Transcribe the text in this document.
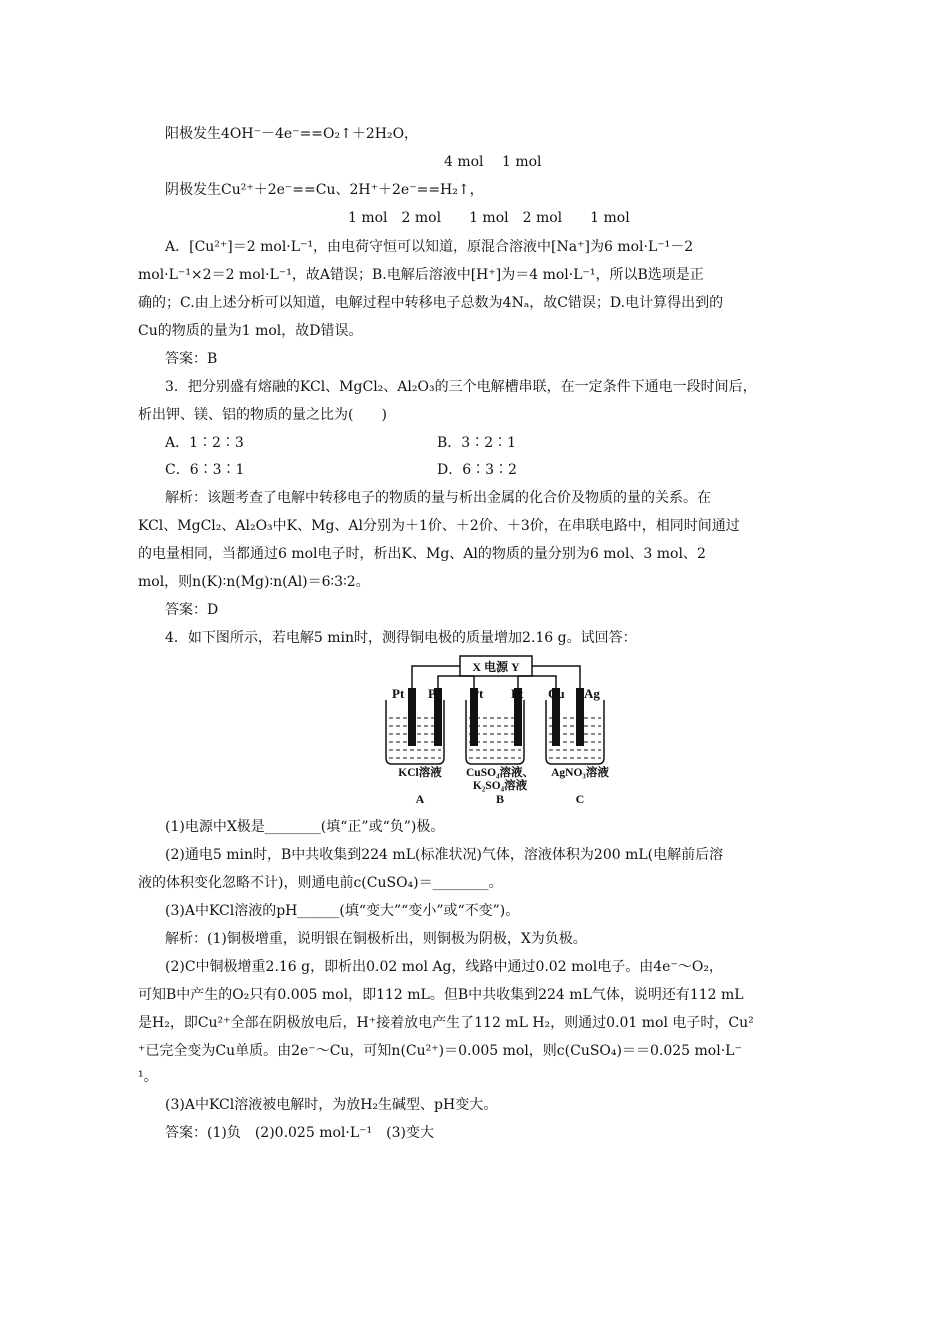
阳极发生4OH⁻－4e⁻==O₂↑＋2H₂O，
4 mol　 1 mol
阴极发生Cu²⁺＋2e⁻==Cu、2H⁺＋2e⁻==H₂↑，
1 mol　2 mol　　1 mol　2 mol　　1 mol
A．[Cu²⁺]＝2 mol·L⁻¹，由电荷守恒可以知道，原混合溶液中[Na⁺]为6 mol·L⁻¹－2
mol·L⁻¹×2＝2 mol·L⁻¹，故A错误；B.电解后溶液中[H⁺]为＝4 mol·L⁻¹，所以B选项是正
确的；C.由上述分析可以知道，电解过程中转移电子总数为4Nₐ，故C错误；D.电计算得出到的
Cu的物质的量为1 mol，故D错误。
答案：B
3．把分别盛有熔融的KCl、MgCl₂、Al₂O₃的三个电解槽串联，在一定条件下通电一段时间后，
析出钾、镁、铝的物质的量之比为(　　)
A．1∶2∶3	B．3∶2∶1
C．6∶3∶1	D．6∶3∶2
解析：该题考查了电解中转移电子的物质的量与析出金属的化合价及物质的量的关系。在
KCl、MgCl₂、Al₂O₃中K、Mg、Al分别为＋1价、＋2价、＋3价，在串联电路中，相同时间通过
的电量相同，当都通过6 mol电子时，析出K、Mg、Al的物质的量分别为6 mol、3 mol、2
mol，则n(K)∶n(Mg)∶n(Al)＝6∶3∶2。
答案：D
4．如下图所示，若电解5 min时，测得铜电极的质量增加2.16 g。试回答：
X 电源 Y
Pt Pt Pt Pt Cu Ag
KCl溶液 CuSO₄溶液、
K₂SO₄溶液
AgNO₃溶液
A	B	C
(1)电源中X极是________(填“正”或“负”)极。
(2)通电5 min时，B中共收集到224 mL(标准状况)气体，溶液体积为200 mL(电解前后溶
液的体积变化忽略不计)，则通电前c(CuSO₄)＝________。
(3)A中KCl溶液的pH______(填“变大”“变小”或“不变”)。
解析：(1)铜极增重，说明银在铜极析出，则铜极为阴极，X为负极。
(2)C中铜极增重2.16 g，即析出0.02 mol Ag，线路中通过0.02 mol电子。由4e⁻～O₂，
可知B中产生的O₂只有0.005 mol，即112 mL。但B中共收集到224 mL气体，说明还有112 mL
是H₂，即Cu²⁺全部在阴极放电后，H⁺接着放电产生了112 mL H₂，则通过0.01 mol 电子时，Cu²
⁺已完全变为Cu单质。由2e⁻～Cu，可知n(Cu²⁺)＝0.005 mol，则c(CuSO₄)＝＝0.025 mol·L⁻
¹。
(3)A中KCl溶液被电解时，为放H₂生碱型、pH变大。
答案：(1)负　(2)0.025 mol·L⁻¹　(3)变大
